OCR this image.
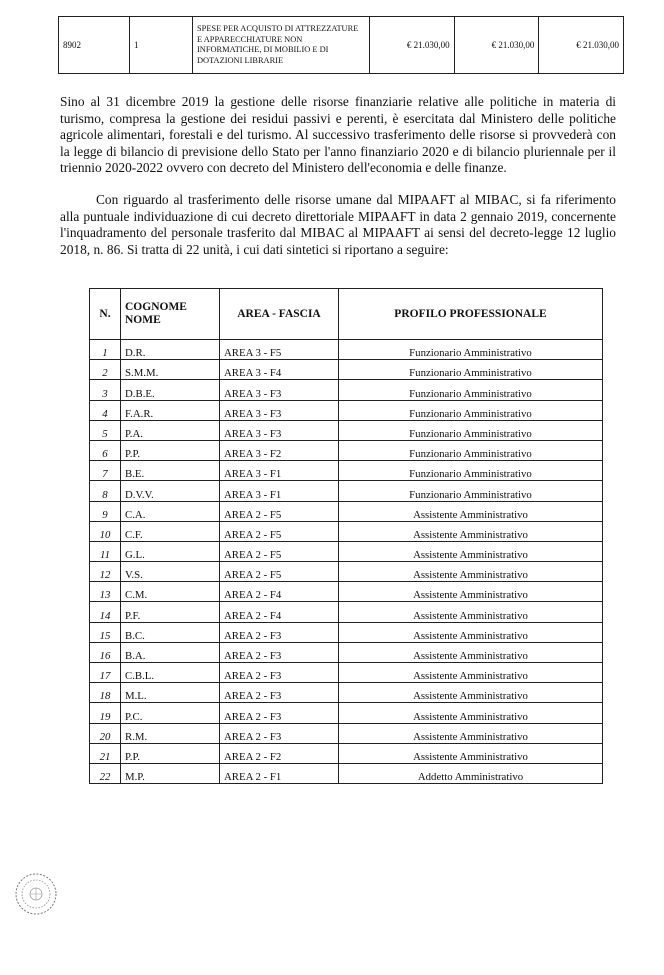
8902	1	SPESE PER ACQUISTO DI ATTREZZATURE E APPARECCHIATURE NON INFORMATICHE, DI MOBILIO E DI DOTAZIONI LIBRARIE	€ 21.030,00	€ 21.030,00	€ 21.030,00

Sino al 31 dicembre 2019 la gestione delle risorse finanziarie relative alle politiche in materia di turismo, compresa la gestione dei residui passivi e perenti, è esercitata dal Ministero delle politiche agricole alimentari, forestali e del turismo. Al successivo trasferimento delle risorse si provvederà con la legge di bilancio di previsione dello Stato per l'anno finanziario 2020 e di bilancio pluriennale per il triennio 2020-2022 ovvero con decreto del Ministero dell'economia e delle finanze.

Con riguardo al trasferimento delle risorse umane dal MIPAAFT al MIBAC, si fa riferimento alla puntuale individuazione di cui decreto direttoriale MIPAAFT in data 2 gennaio 2019, concernente l'inquadramento del personale trasferito dal MIBAC al MIPAAFT ai sensi del decreto-legge 12 luglio 2018, n. 86. Si tratta di 22 unità, i cui dati sintetici si riportano a seguire:

N.	COGNOME NOME	AREA - FASCIA	PROFILO PROFESSIONALE
1	D.R.	AREA 3 - F5	Funzionario Amministrativo
2	S.M.M.	AREA 3 - F4	Funzionario Amministrativo
3	D.B.E.	AREA 3 - F3	Funzionario Amministrativo
4	F.A.R.	AREA 3 - F3	Funzionario Amministrativo
5	P.A.	AREA 3 - F3	Funzionario Amministrativo
6	P.P.	AREA 3 - F2	Funzionario Amministrativo
7	B.E.	AREA 3 - F1	Funzionario Amministrativo
8	D.V.V.	AREA 3 - F1	Funzionario Amministrativo
9	C.A.	AREA 2 - F5	Assistente Amministrativo
10	C.F.	AREA 2 - F5	Assistente Amministrativo
11	G.L.	AREA 2 - F5	Assistente Amministrativo
12	V.S.	AREA 2 - F5	Assistente Amministrativo
13	C.M.	AREA 2 - F4	Assistente Amministrativo
14	P.F.	AREA 2 - F4	Assistente Amministrativo
15	B.C.	AREA 2 - F3	Assistente Amministrativo
16	B.A.	AREA 2 - F3	Assistente Amministrativo
17	C.B.L.	AREA 2 - F3	Assistente Amministrativo
18	M.L.	AREA 2 - F3	Assistente Amministrativo
19	P.C.	AREA 2 - F3	Assistente Amministrativo
20	R.M.	AREA 2 - F3	Assistente Amministrativo
21	P.P.	AREA 2 - F2	Assistente Amministrativo
22	M.P.	AREA 2 - F1	Addetto Amministrativo
